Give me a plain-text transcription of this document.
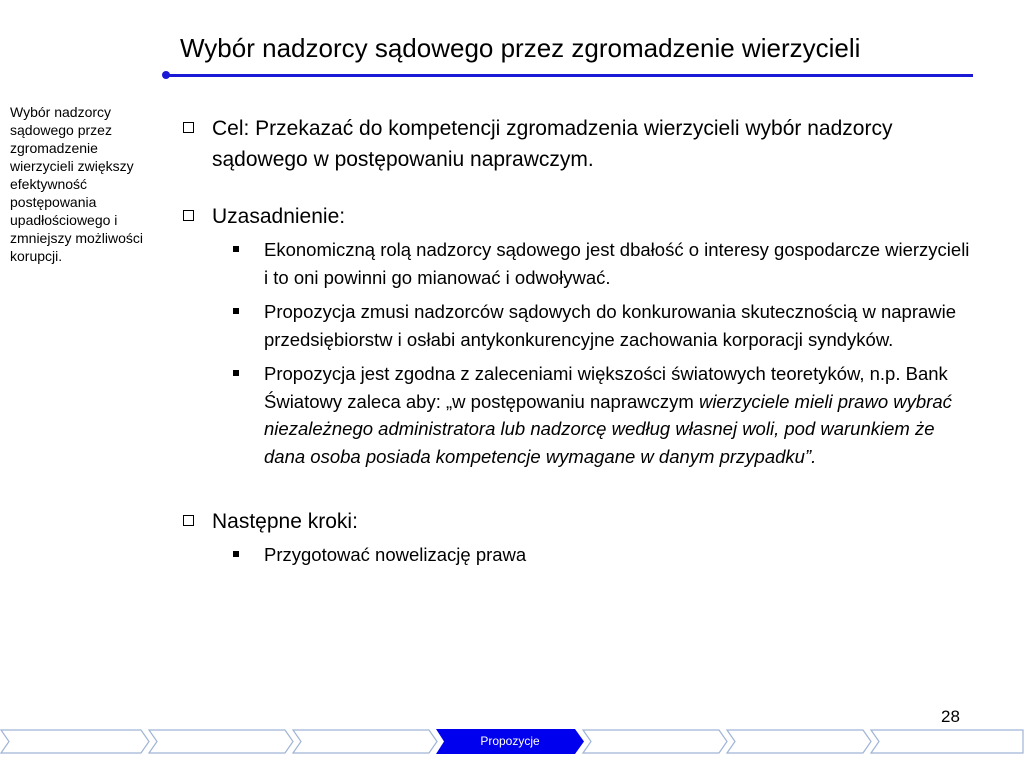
Wybór nadzorcy sądowego przez zgromadzenie wierzycieli
Wybór nadzorcy sądowego przez zgromadzenie wierzycieli zwiększy efektywność postępowania upadłościowego i zmniejszy możliwości korupcji.
Cel: Przekazać do kompetencji zgromadzenia wierzycieli wybór nadzorcy sądowego w postępowaniu naprawczym.
Uzasadnienie:
Ekonomiczną rolą nadzorcy sądowego jest dbałość o interesy gospodarcze wierzycieli i to oni powinni go mianować i odwoływać.
Propozycja zmusi nadzorców sądowych do konkurowania skutecznością w naprawie przedsiębiorstw i osłabi antykonkurencyjne zachowania korporacji syndyków.
Propozycja jest zgodna z zaleceniami większości światowych teoretyków, n.p. Bank Światowy zaleca aby: „w postępowaniu naprawczym wierzyciele mieli prawo wybrać niezależnego administratora lub nadzorcę według własnej woli, pod warunkiem że dana osoba posiada kompetencje wymagane w danym przypadku”.
Następne kroki:
Przygotować nowelizację prawa
28
Propozycje
